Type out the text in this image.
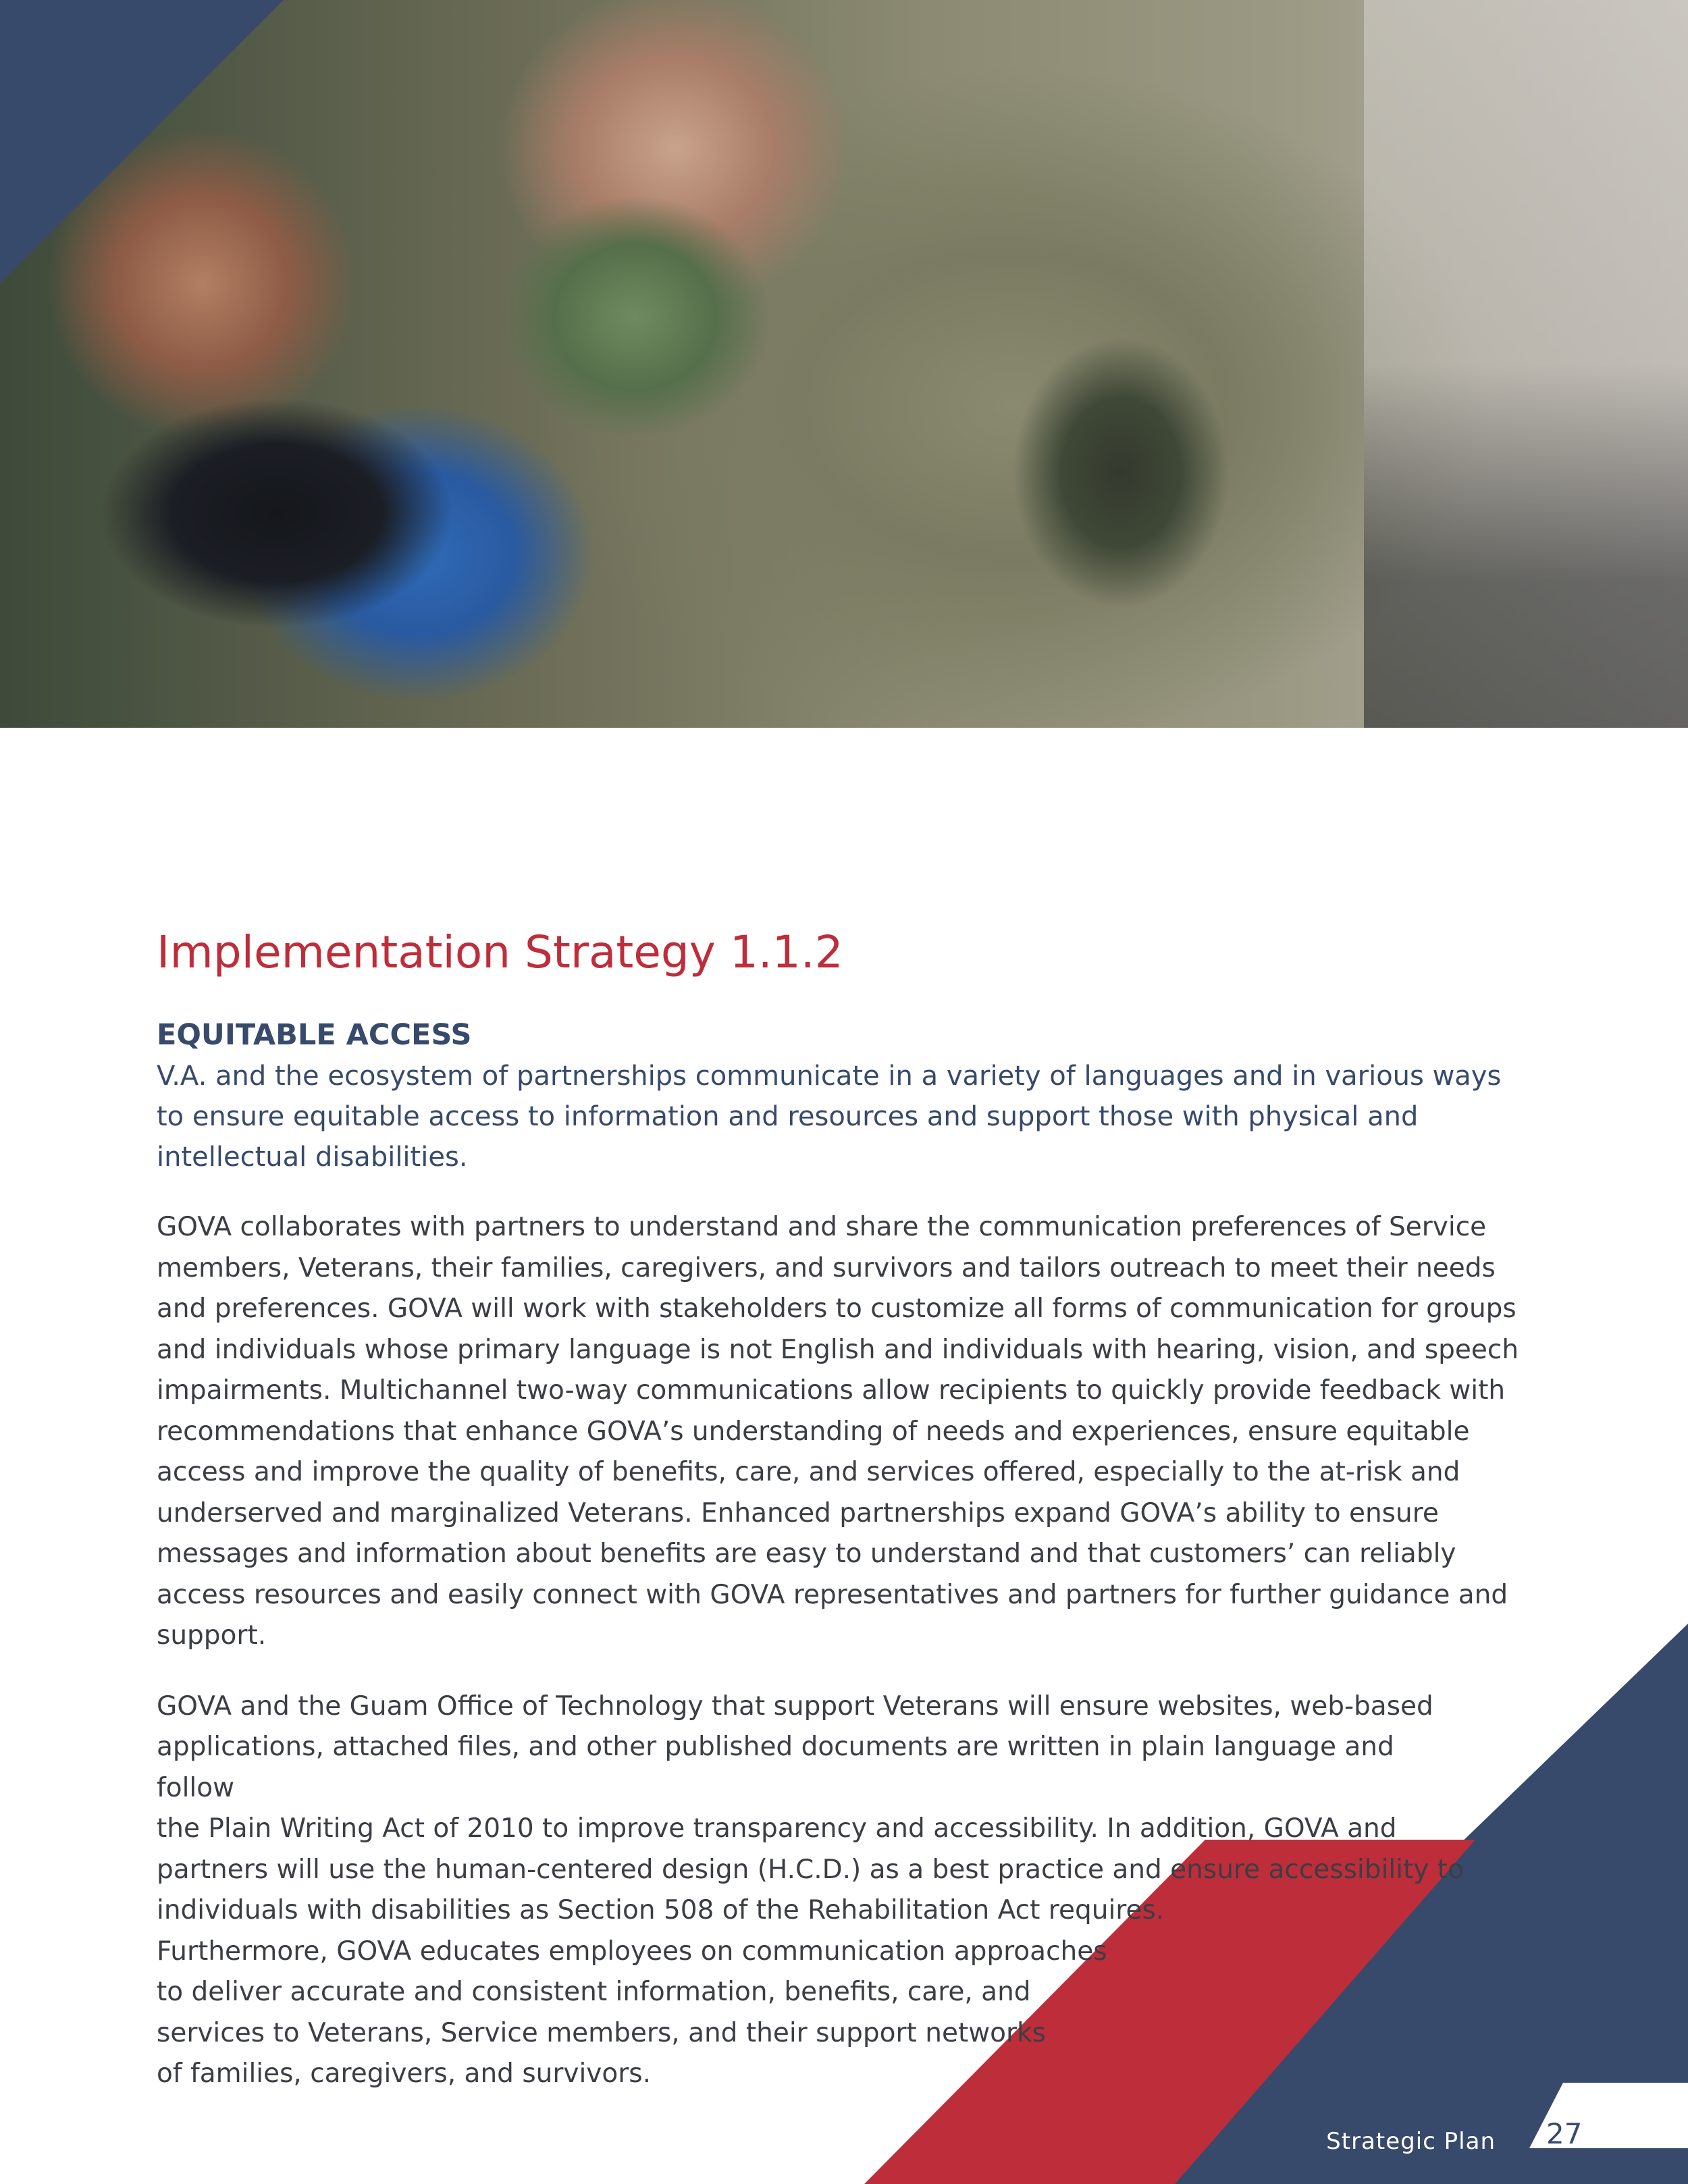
Implementation Strategy 1.1.2
EQUITABLE ACCESS

V.A. and the ecosystem of partnerships communicate in a variety of languages and in various ways to ensure equitable access to information and resources and support those with physical and intellectual disabilities.

GOVA collaborates with partners to understand and share the communication preferences of Service members, Veterans, their families, caregivers, and survivors and tailors outreach to meet their needs and preferences. GOVA will work with stakeholders to customize all forms of communication for groups and individuals whose primary language is not English and individuals with hearing, vision, and speech impairments. Multichannel two-way communications allow recipients to quickly provide feedback with recommendations that enhance GOVA’s understanding of needs and experiences, ensure equitable access and improve the quality of benefits, care, and services offered, especially to the at-risk and underserved and marginalized Veterans. Enhanced partnerships expand GOVA’s ability to ensure messages and information about benefits are easy to understand and that customers’ can reliably access resources and easily connect with GOVA representatives and partners for further guidance and support.

GOVA and the Guam Office of Technology that support Veterans will ensure websites, web-based
applications, attached files, and other published documents are written in plain language and follow
the Plain Writing Act of 2010 to improve transparency and accessibility. In addition, GOVA and
partners will use the human-centered design (H.C.D.) as a best practice and ensure accessibility to
individuals with disabilities as Section 508 of the Rehabilitation Act requires.
Furthermore, GOVA educates employees on communication approaches
to deliver accurate and consistent information, benefits, care, and
services to Veterans, Service members, and their support networks
of families, caregivers, and survivors.

Strategic Plan 27
